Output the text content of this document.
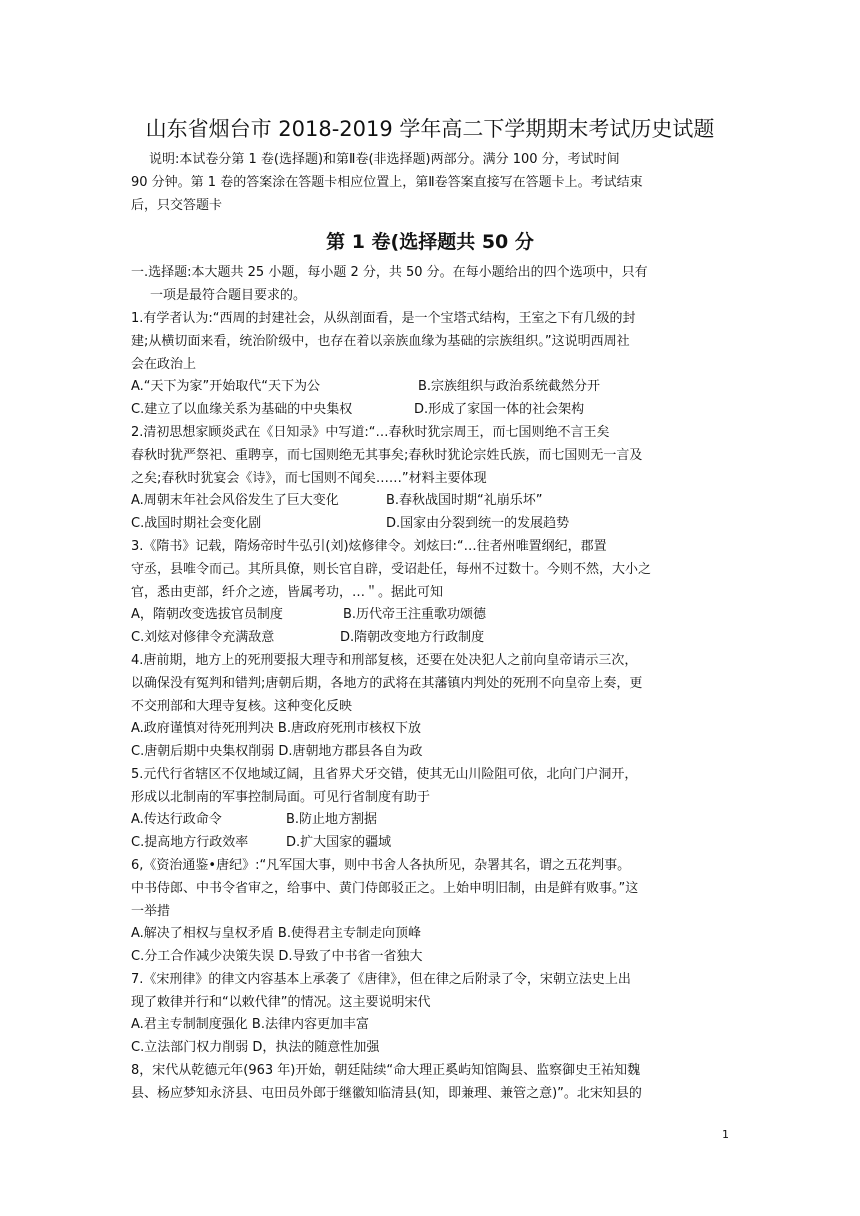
山东省烟台市 2018-2019 学年高二下学期期末考试历史试题
说明:本试卷分第 1 卷(选择题)和第Ⅱ卷(非选择题)两部分。满分 100 分，考试时间
90 分钟。第 1 卷的答案涂在答题卡相应位置上，第Ⅱ卷答案直接写在答题卡上。考试结束
后，只交答题卡
第 1 卷(选择题共 50 分
一.选择题:本大题共 25 小题，每小题 2 分，共 50 分。在每小题给出的四个选项中，只有
一项是最符合题目要求的。
1.有学者认为:“西周的封建社会，从纵剖面看，是一个宝塔式结构，王室之下有几级的封
建;从横切面来看，统治阶级中，也存在着以亲族血缘为基础的宗族组织。”这说明西周社
会在政治上
A.“天下为家”开始取代“天下为公	B.宗族组织与政治系统截然分开
C.建立了以血缘关系为基础的中央集权	D.形成了家国一体的社会架构
2.清初思想家顾炎武在《日知录》中写道:“…春秋时犹宗周王，而七国则绝不言王矣
春秋时犹严祭祀、重聘享，而七国则绝无其事矣;春秋时犹论宗姓氏族，而七国则无一言及
之矣;春秋时犹宴会《诗》，而七国则不闻矣……”材料主要体现
A.周朝末年社会风俗发生了巨大变化	B.春秋战国时期“礼崩乐坏”
C.战国时期社会变化剧	D.国家由分裂到统一的发展趋势
3.《隋书》记载，隋炀帝时牛弘引(刘)炫修律令。刘炫曰:“…往者州唯置纲纪，郡置
守丞，县唯令而己。其所具僚，则长官自辟，受诏赴任，每州不过数十。今则不然，大小之
官，悉由吏部，纤介之迹，皆属考功，…＂。据此可知
A，隋朝改变选拔官员制度	B.历代帝王注重歌功颂德
C.刘炫对修律令充满敌意	D.隋朝改变地方行政制度
4.唐前期，地方上的死刑要报大理寺和刑部复核，还要在处决犯人之前向皇帝请示三次，
以确保没有冤判和错判;唐朝后期，各地方的武将在其藩镇内判处的死刑不向皇帝上奏，更
不交刑部和大理寺复核。这种变化反映
A.政府谨慎对待死刑判决 B.唐政府死刑市核权下放
C.唐朝后期中央集权削弱 D.唐朝地方郡县各自为政
5.元代行省辖区不仅地域辽阔，且省界犬牙交错，使其无山川险阻可依，北向门户洞开，
形成以北制南的军事控制局面。可见行省制度有助于
A.传达行政命令	B.防止地方割据
C.提高地方行政效率	D.扩大国家的疆域
6,《资治通鉴•唐纪》:“凡军国大事，则中书舍人各执所见，杂署其名，谓之五花判事。
中书侍郎、中书令省审之，给事中、黄门侍郎驳正之。上始申明旧制，由是鲜有败事。”这
一举措
A.解决了相权与皇权矛盾 B.使得君主专制走向顶峰
C.分工合作减少决策失误 D.导致了中书省一省独大
7.《宋刑律》的律文内容基本上承袭了《唐律》，但在律之后附录了令，宋朝立法史上出
现了敕律并行和“以敕代律”的情况。这主要说明宋代
A.君主专制制度强化 B.法律内容更加丰富
C.立法部门权力削弱 D，执法的随意性加强
8，宋代从乾德元年(963 年)开始，朝廷陆续“命大理正奚屿知馆陶县、监察御史王祐知魏
县、杨应梦知永济县、屯田员外郎于继徽知临清县(知，即兼理、兼管之意)”。北宋知县的
1
